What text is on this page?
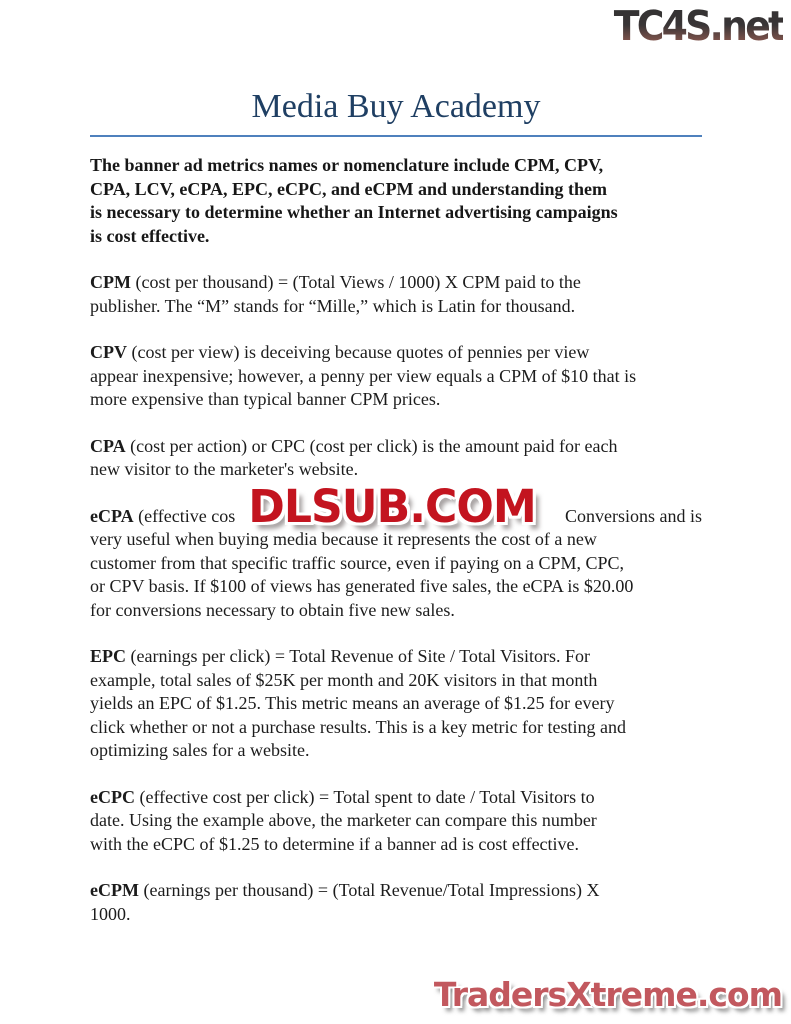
TC4S.net
Media Buy Academy
The banner ad metrics names or nomenclature include CPM, CPV,
CPA, LCV, eCPA, EPC, eCPC, and eCPM and understanding them
is necessary to determine whether an Internet advertising campaigns
is cost effective.
CPM (cost per thousand) = (Total Views / 1000) X CPM paid to the
publisher. The “M” stands for “Mille,” which is Latin for thousand.
CPV (cost per view) is deceiving because quotes of pennies per view
appear inexpensive; however, a penny per view equals a CPM of $10 that is
more expensive than typical banner CPM prices.
CPA (cost per action) or CPC (cost per click) is the amount paid for each
new visitor to the marketer's website.
eCPA (effective cos	Conversions and is
very useful when buying media because it represents the cost of a new
customer from that specific traffic source, even if paying on a CPM, CPC,
or CPV basis. If $100 of views has generated five sales, the eCPA is $20.00
for conversions necessary to obtain five new sales.
EPC (earnings per click) = Total Revenue of Site / Total Visitors. For
example, total sales of $25K per month and 20K visitors in that month
yields an EPC of $1.25. This metric means an average of $1.25 for every
click whether or not a purchase results. This is a key metric for testing and
optimizing sales for a website.
eCPC (effective cost per click) = Total spent to date / Total Visitors to
date. Using the example above, the marketer can compare this number
with the eCPC of $1.25 to determine if a banner ad is cost effective.
eCPM (earnings per thousand) = (Total Revenue/Total Impressions) X
1000.
DLSUB.COM
TradersXtreme.com
